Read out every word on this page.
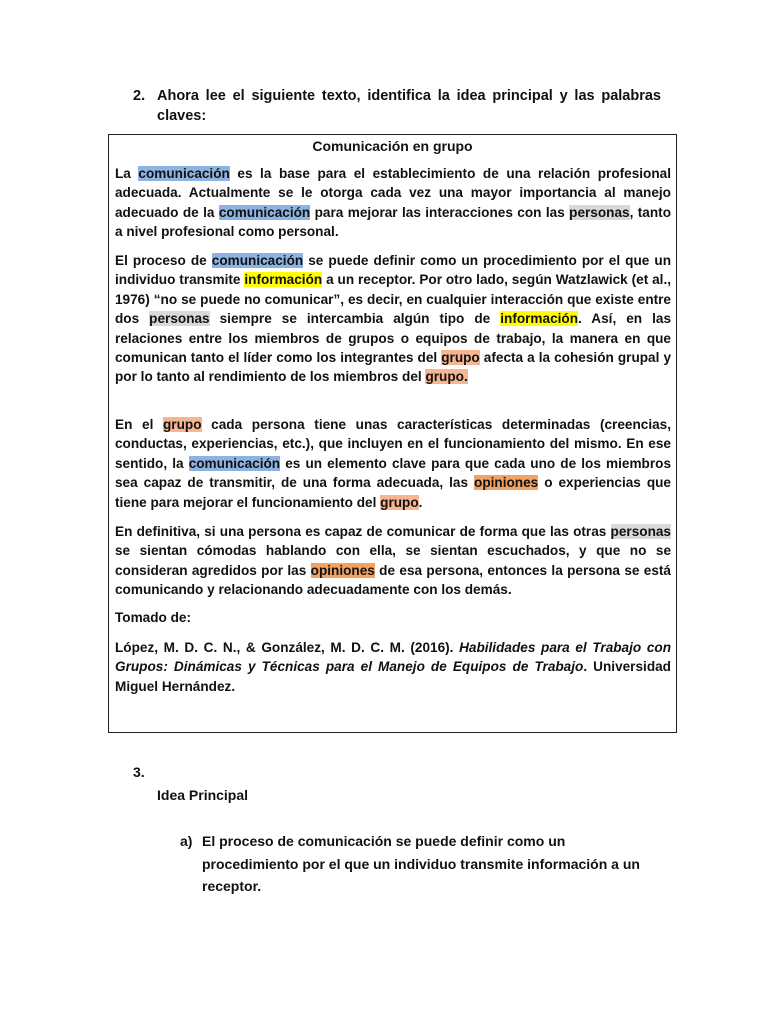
2. Ahora lee el siguiente texto, identifica la idea principal y las palabras claves:
Comunicación en grupo

La comunicación es la base para el establecimiento de una relación profesional adecuada. Actualmente se le otorga cada vez una mayor importancia al manejo adecuado de la comunicación para mejorar las interacciones con las personas, tanto a nivel profesional como personal.

El proceso de comunicación se puede definir como un procedimiento por el que un individuo transmite información a un receptor. Por otro lado, según Watzlawick (et al., 1976) “no se puede no comunicar”, es decir, en cualquier interacción que existe entre dos personas siempre se intercambia algún tipo de información. Así, en las relaciones entre los miembros de grupos o equipos de trabajo, la manera en que comunican tanto el líder como los integrantes del grupo afecta a la cohesión grupal y por lo tanto al rendimiento de los miembros del grupo.

En el grupo cada persona tiene unas características determinadas (creencias, conductas, experiencias, etc.), que incluyen en el funcionamiento del mismo. En ese sentido, la comunicación es un elemento clave para que cada uno de los miembros sea capaz de transmitir, de una forma adecuada, las opiniones o experiencias que tiene para mejorar el funcionamiento del grupo.

En definitiva, si una persona es capaz de comunicar de forma que las otras personas se sientan cómodas hablando con ella, se sientan escuchados, y que no se consideran agredidos por las opiniones de esa persona, entonces la persona se está comunicando y relacionando adecuadamente con los demás.

Tomado de:

López, M. D. C. N., & González, M. D. C. M. (2016). Habilidades para el Trabajo con Grupos: Dinámicas y Técnicas para el Manejo de Equipos de Trabajo. Universidad Miguel Hernández.

3.
Idea Principal
a) El proceso de comunicación se puede definir como un procedimiento por el que un individuo transmite información a un receptor.
